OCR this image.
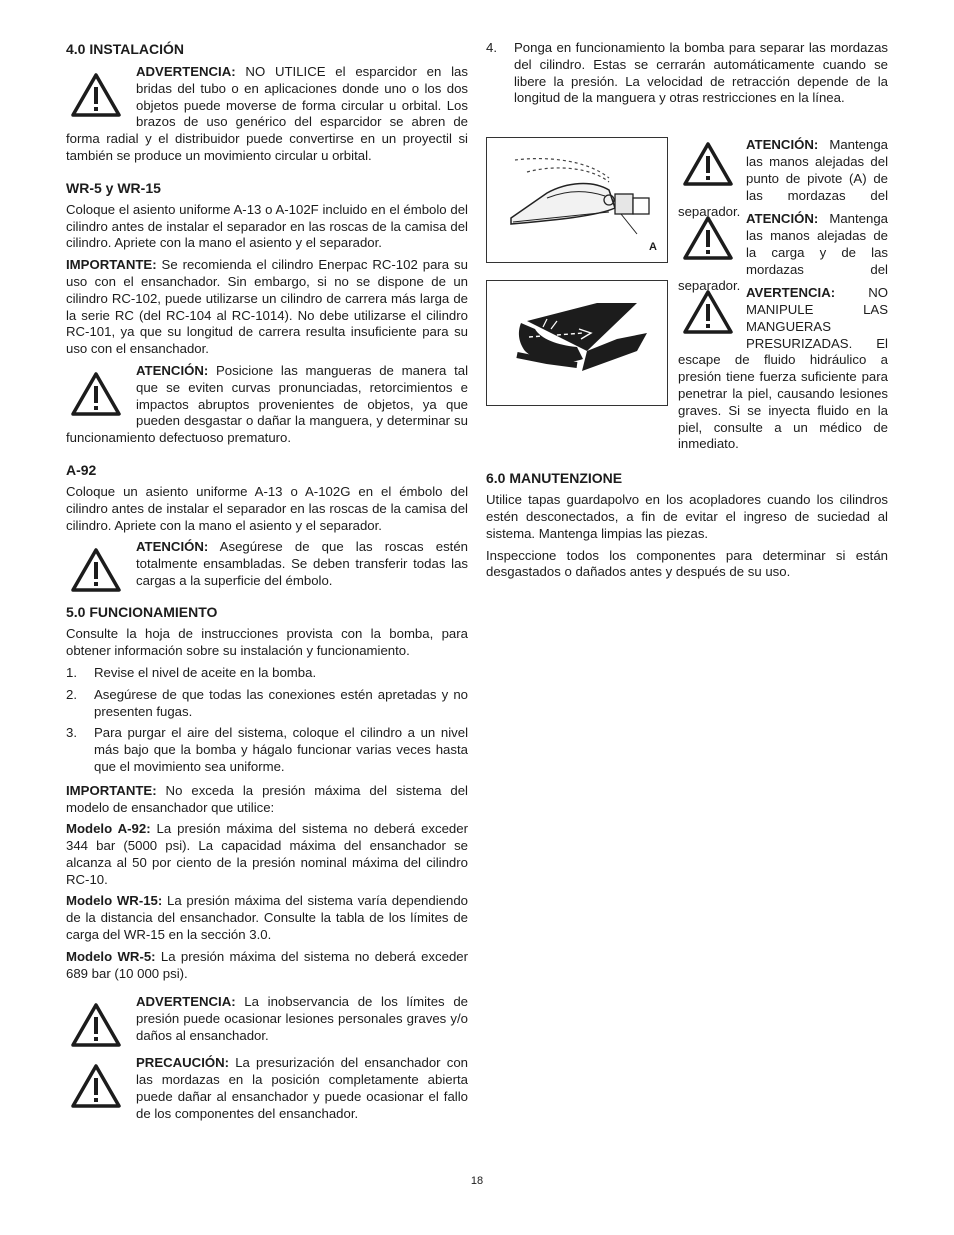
4.0 INSTALACIÓN
ADVERTENCIA: NO UTILICE el esparcidor en las bridas del tubo o en aplicaciones donde uno o los dos objetos puede moverse de forma circular u orbital. Los brazos de uso genérico del esparcidor se abren de forma radial y el distribuidor puede convertirse en un proyectil si también se produce un movimiento circular u orbital.
WR-5 y WR-15

Coloque el asiento uniforme A-13 o A-102F incluido en el émbolo del cilindro antes de instalar el separador en las roscas de la camisa del cilindro. Apriete con la mano el asiento y el separador.

IMPORTANTE: Se recomienda el cilindro Enerpac RC-102 para su uso con el ensanchador. Sin embargo, si no se dispone de un cilindro RC-102, puede utilizarse un cilindro de carrera más larga de la serie RC (del RC-104 al RC-1014). No debe utilizarse el cilindro RC-101, ya que su longitud de carrera resulta insuficiente para su uso con el ensanchador.

ATENCIÓN: Posicione las mangueras de manera tal que se eviten curvas pronunciadas, retorcimientos e impactos abruptos provenientes de objetos, ya que pueden desgastar o dañar la manguera, y determinar su funcionamiento defectuoso prematuro.
A-92

Coloque un asiento uniforme A-13 o A-102G en el émbolo del cilindro antes de instalar el separador en las roscas de la camisa del cilindro. Apriete con la mano el asiento y el separador.

ATENCIÓN: Asegúrese de que las roscas estén totalmente ensambladas. Se deben transferir todas las cargas a la superficie del émbolo.
5.0 FUNCIONAMIENTO

Consulte la hoja de instrucciones provista con la bomba, para obtener información sobre su instalación y funcionamiento.

1. Revise el nivel de aceite en la bomba.
2. Asegúrese de que todas las conexiones estén apretadas y no presenten fugas.
3. Para purgar el aire del sistema, coloque el cilindro a un nivel más bajo que la bomba y hágalo funcionar varias veces hasta que el movimiento sea uniforme.

IMPORTANTE: No exceda la presión máxima del sistema del modelo de ensanchador que utilice:

Modelo A-92: La presión máxima del sistema no deberá exceder 344 bar (5000 psi). La capacidad máxima del ensanchador se alcanza al 50 por ciento de la presión nominal máxima del cilindro RC-10.

Modelo WR-15: La presión máxima del sistema varía dependiendo de la distancia del ensanchador. Consulte la tabla de los límites de carga del WR-15 en la sección 3.0.

Modelo WR-5: La presión máxima del sistema no deberá exceder 689 bar (10 000 psi).

ADVERTENCIA: La inobservancia de los límites de presión puede ocasionar lesiones personales graves y/o daños al ensanchador.
PRECAUCIÓN: La presurización del ensanchador con las mordazas en la posición completamente abierta puede dañar al ensanchador y puede ocasionar el fallo de los componentes del ensanchador.
4. Ponga en funcionamiento la bomba para separar las mordazas del cilindro. Estas se cerrarán automáticamente cuando se libere la presión. La velocidad de retracción depende de la longitud de la manguera y otras restricciones en la línea.
A
ATENCIÓN: Mantenga las manos alejadas del punto de pivote (A) de las mordazas del separador. ATENCIÓN: Mantenga las manos alejadas de la carga y de las mordazas del separador. AVERTENCIA: NO MANIPULE LAS MANGUERAS PRESURIZADAS. El escape de fluido hidráulico a presión tiene fuerza suficiente para penetrar la piel, causando lesiones graves. Si se inyecta fluido en la piel, consulte a un médico de inmediato.
6.0 MANUTENZIONE

Utilice tapas guardapolvo en los acopladores cuando los cilindros estén desconectados, a fin de evitar el ingreso de suciedad al sistema. Mantenga limpias las piezas.

Inspeccione todos los componentes para determinar si están desgastados o dañados antes y después de su uso.

18
